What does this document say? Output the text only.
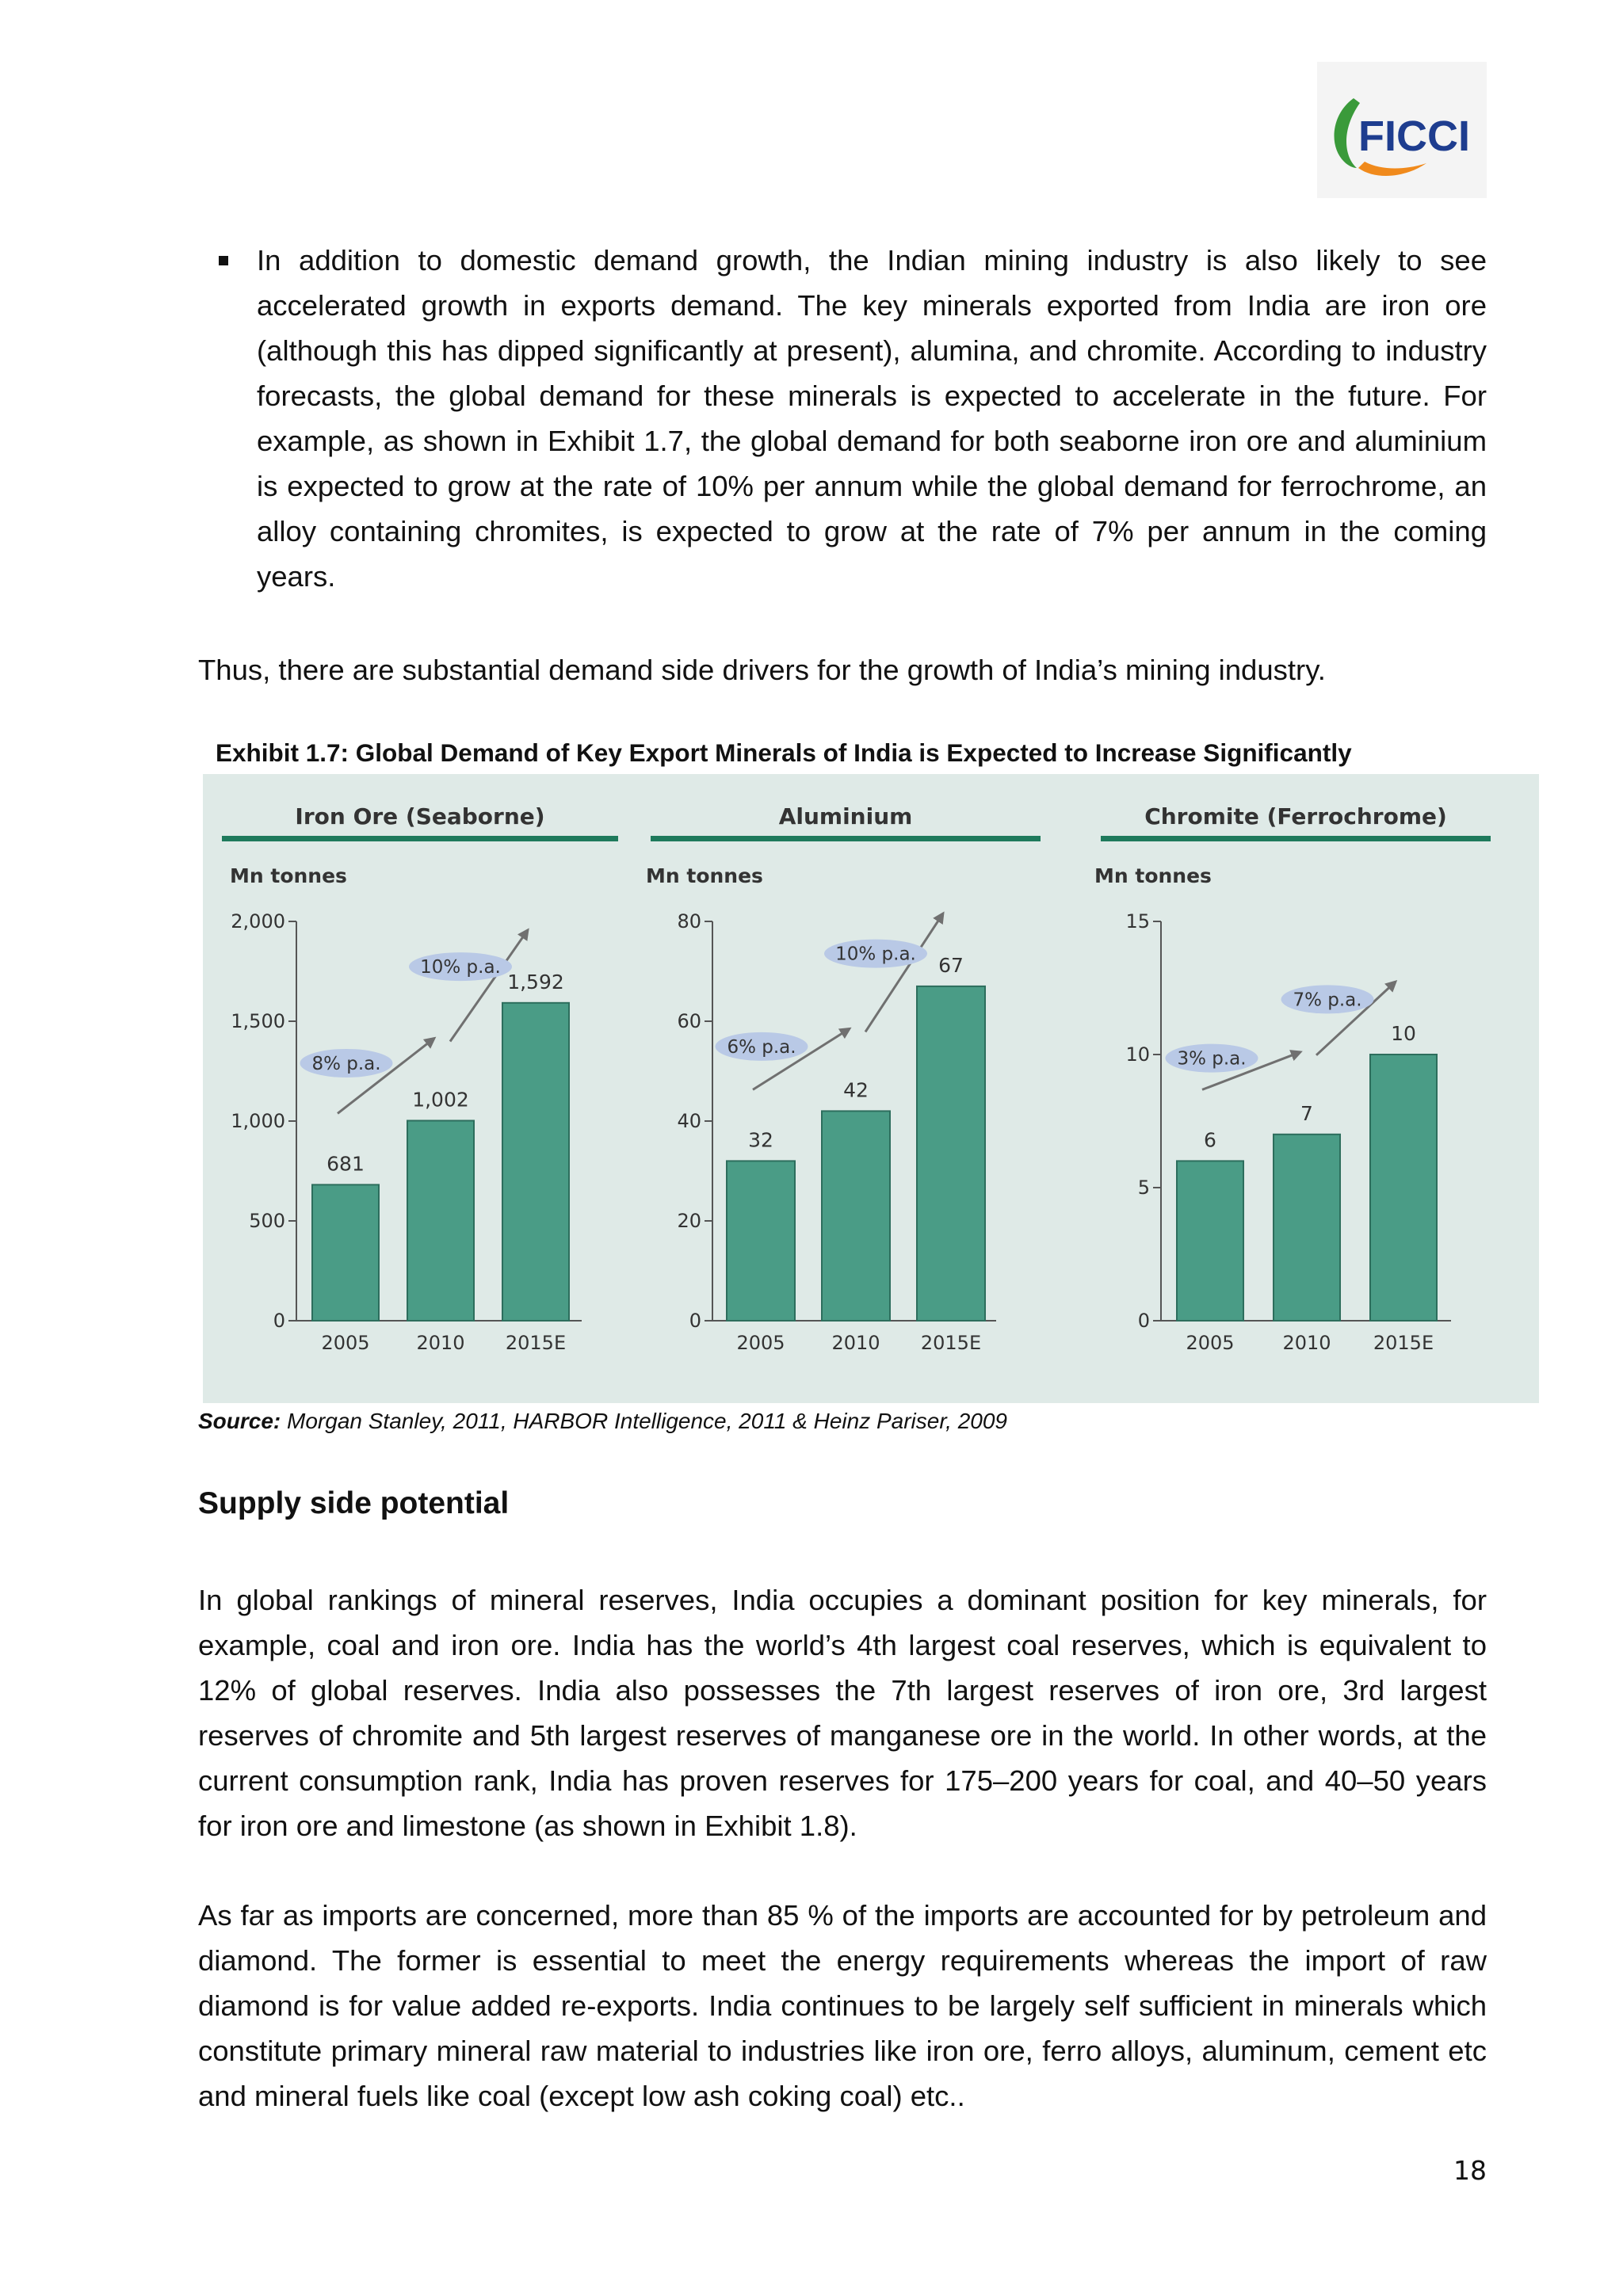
FICCI
In addition to domestic demand growth, the Indian mining industry is also likely to see accelerated growth in exports demand. The key minerals exported from India are iron ore (although this has dipped significantly at present), alumina, and chromite. According to industry forecasts, the global demand for these minerals is expected to accelerate in the future. For example, as shown in Exhibit 1.7, the global demand for both seaborne iron ore and aluminium is expected to grow at the rate of 10% per annum while the global demand for ferrochrome, an alloy containing chromites, is expected to grow at the rate of 7% per annum in the coming years.
Thus, there are substantial demand side drivers for the growth of India’s mining industry.
Exhibit 1.7: Global Demand of Key Export Minerals of India is Expected to Increase Significantly
Iron Ore (Seaborne)
Mn tonnes
0
500
1,000
1,500
2,000
681
2005
1,002
2010
1,592
2015E
8% p.a.
10% p.a.
Aluminium
Mn tonnes
0
20
40
60
80
32
2005
42
2010
67
2015E
6% p.a.
10% p.a.
Chromite (Ferrochrome)
Mn tonnes
0
5
10
15
6
2005
7
2010
10
2015E
3% p.a.
7% p.a.
Source: Morgan Stanley, 2011, HARBOR Intelligence, 2011 & Heinz Pariser, 2009
Supply side potential
In global rankings of mineral reserves, India occupies a dominant position for key minerals, for example, coal and iron ore. India has the world’s 4th largest coal reserves, which is equivalent to 12% of global reserves. India also possesses the 7th largest reserves of iron ore, 3rd largest reserves of chromite and 5th largest reserves of manganese ore in the world. In other words, at the current consumption rank, India has proven reserves for 175–200 years for coal, and 40–50 years for iron ore and limestone (as shown in Exhibit 1.8).
As far as imports are concerned, more than 85 % of the imports are accounted for by petroleum and diamond. The former is essential to meet the energy requirements whereas the import of raw diamond is for value added re-exports. India continues to be largely self sufficient in minerals which constitute primary mineral raw material to industries like iron ore, ferro alloys, aluminum, cement etc and mineral fuels like coal (except low ash coking coal) etc..
18
